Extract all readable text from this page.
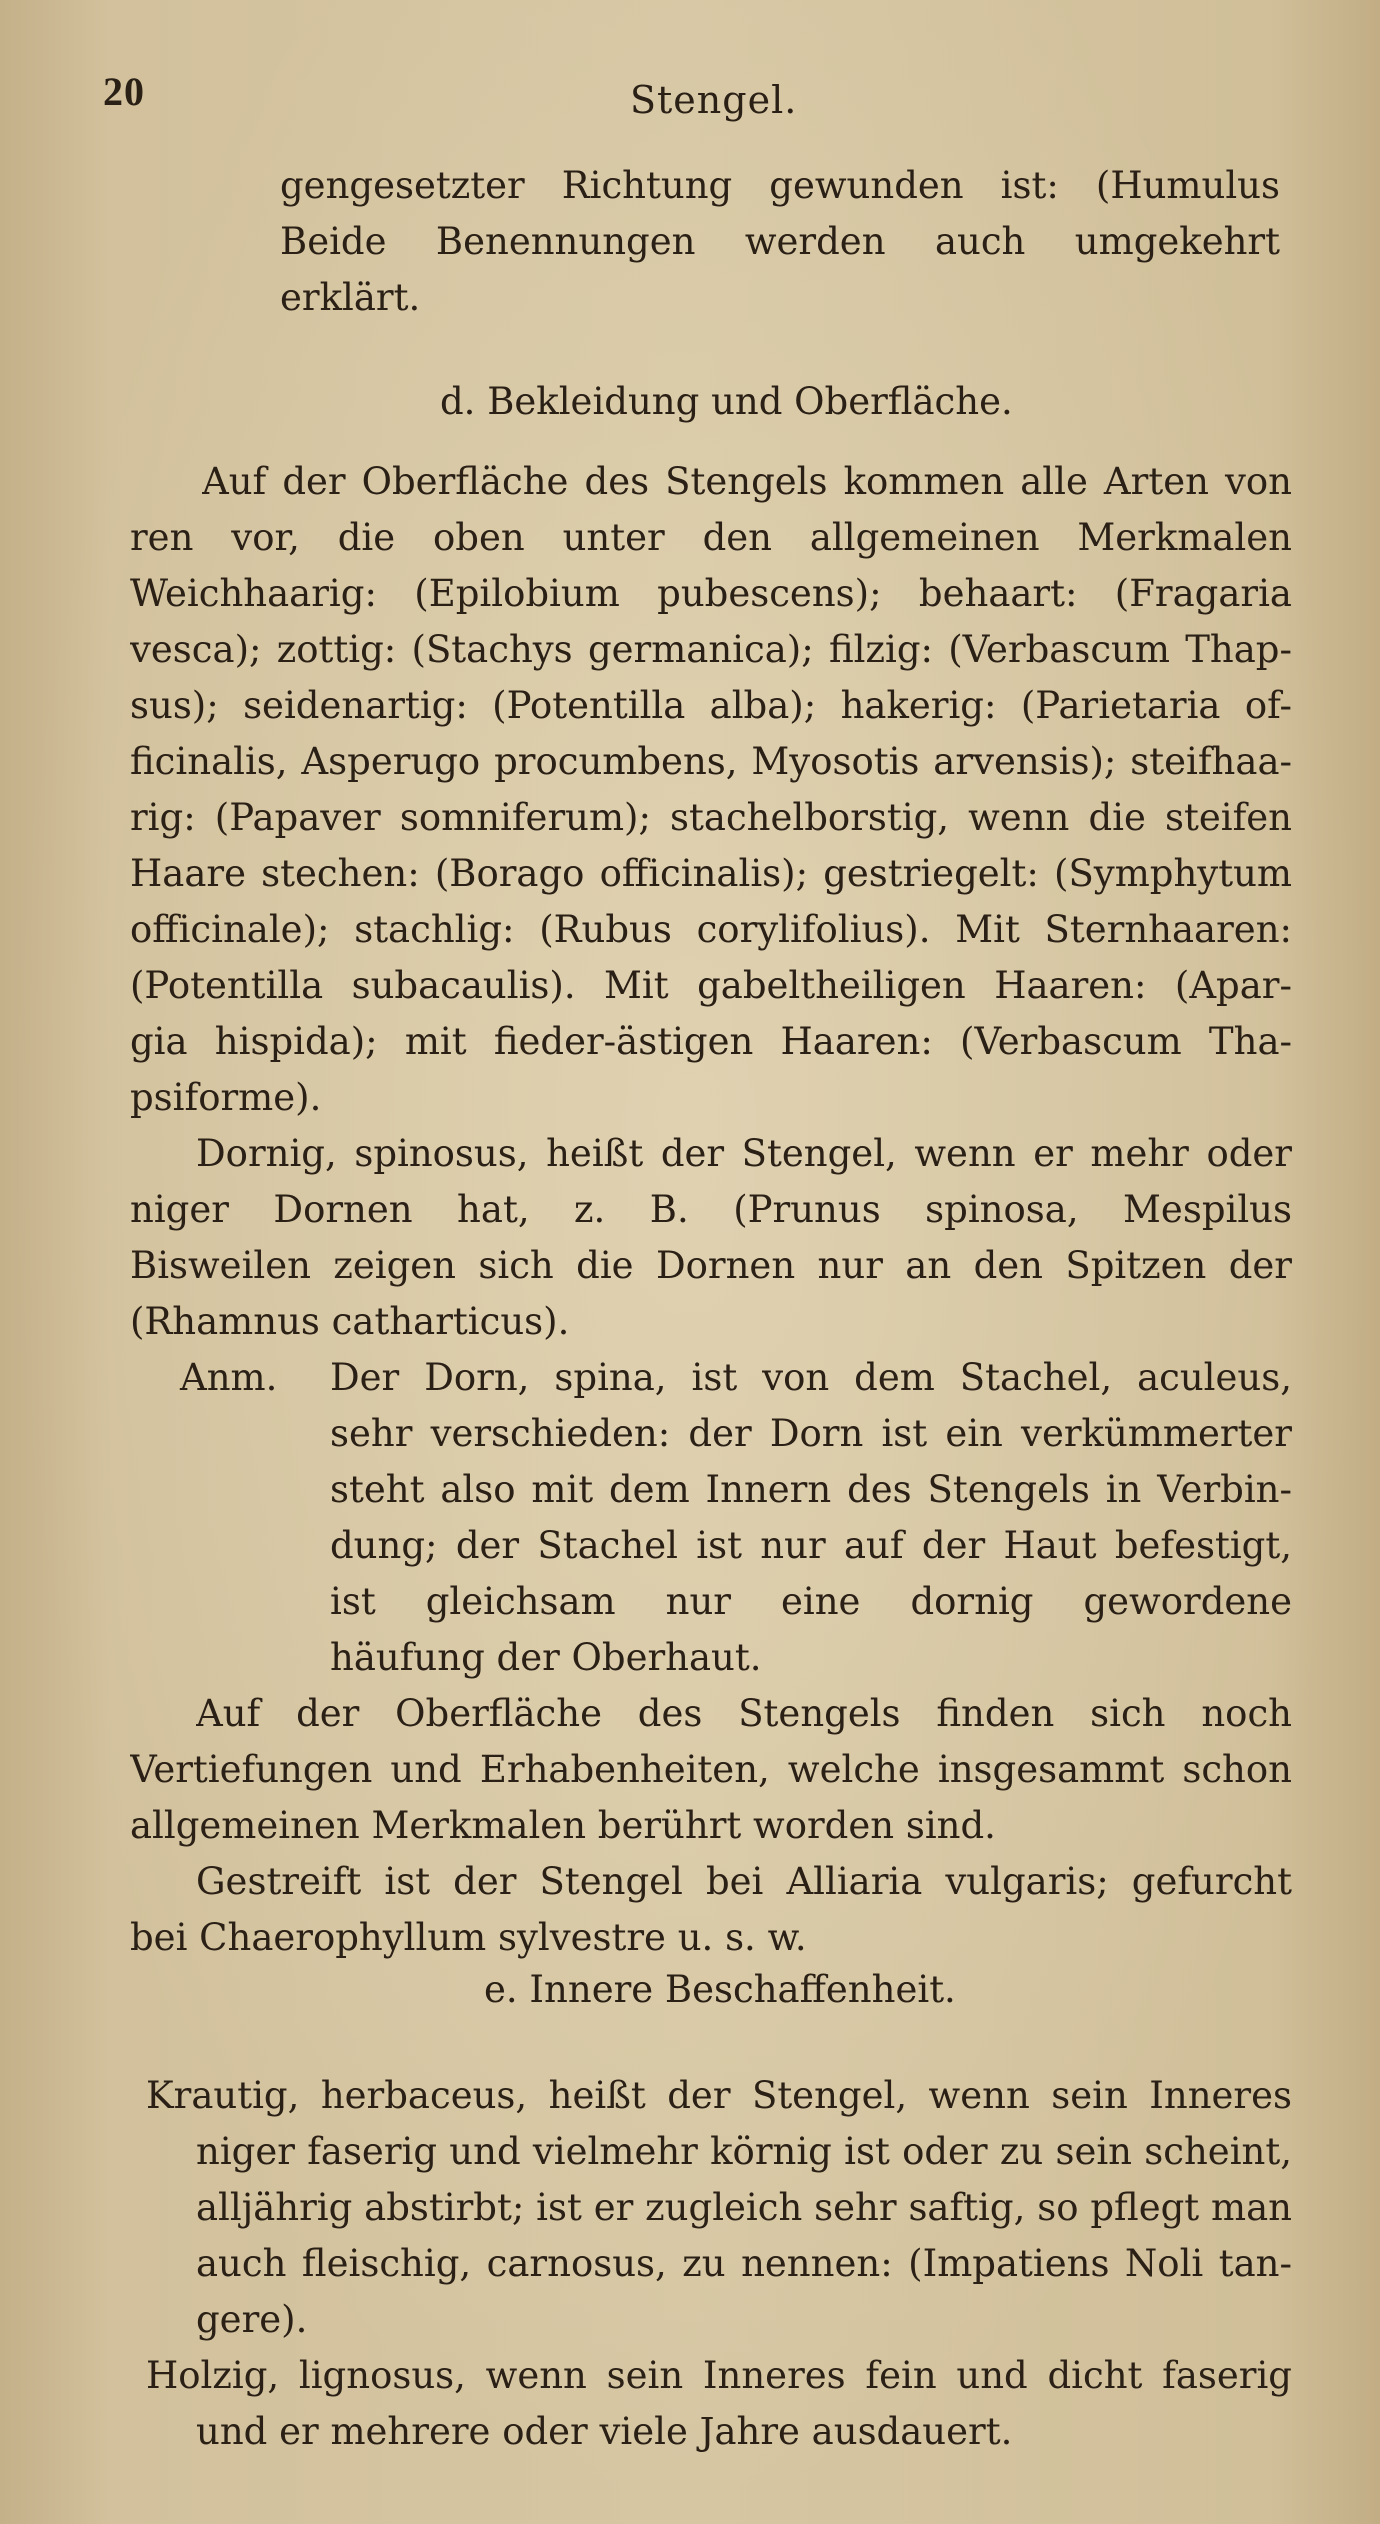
20	Stengel.
d. Bekleidung und Oberfläche.
e. Innere Beschaffenheit.
Anm.
gengesetzter Richtung gewunden ist: (Humulus
Beide Benennungen werden auch umgekehrt
erklärt.
Auf der Oberfläche des Stengels kommen alle Arten von
ren vor, die oben unter den allgemeinen Merkmalen
Weichhaarig: (Epilobium pubescens); behaart: (Fragaria
vesca); zottig: (Stachys germanica); filzig: (Verbascum Thap-
sus); seidenartig: (Potentilla alba); hakerig: (Parietaria of-
ficinalis, Asperugo procumbens, Myosotis arvensis); steifhaa-
rig: (Papaver somniferum); stachelborstig, wenn die steifen
Haare stechen: (Borago officinalis); gestriegelt: (Symphytum
officinale); stachlig: (Rubus corylifolius). Mit Sternhaaren:
(Potentilla subacaulis). Mit gabeltheiligen Haaren: (Apar-
gia hispida); mit fieder-ästigen Haaren: (Verbascum Tha-
psiforme).
Dornig, spinosus, heißt der Stengel, wenn er mehr oder
niger Dornen hat, z. B. (Prunus spinosa, Mespilus
Bisweilen zeigen sich die Dornen nur an den Spitzen der
(Rhamnus catharticus).
Der Dorn, spina, ist von dem Stachel, aculeus,
sehr verschieden: der Dorn ist ein verkümmerter
steht also mit dem Innern des Stengels in Verbin-
dung; der Stachel ist nur auf der Haut befestigt,
ist gleichsam nur eine dornig gewordene
häufung der Oberhaut.
Auf der Oberfläche des Stengels finden sich noch
Vertiefungen und Erhabenheiten, welche insgesammt schon
allgemeinen Merkmalen berührt worden sind.
Gestreift ist der Stengel bei Alliaria vulgaris; gefurcht
bei Chaerophyllum sylvestre u. s. w.
Krautig, herbaceus, heißt der Stengel, wenn sein Inneres
niger faserig und vielmehr körnig ist oder zu sein scheint,
alljährig abstirbt; ist er zugleich sehr saftig, so pflegt man
auch fleischig, carnosus, zu nennen: (Impatiens Noli tan-
gere).
Holzig, lignosus, wenn sein Inneres fein und dicht faserig
und er mehrere oder viele Jahre ausdauert.
